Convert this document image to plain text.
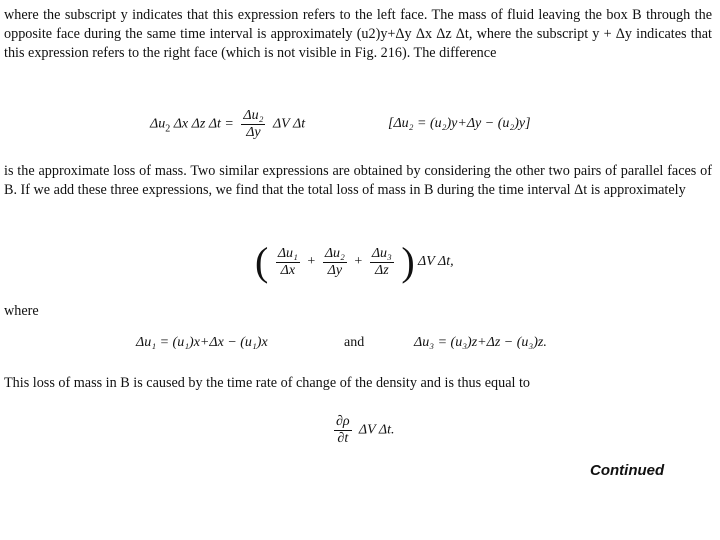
where the subscript y indicates that this expression refers to the left face. The mass of fluid leaving the box B through the opposite face during the same time interval is approximately (u2)y+Δy Δx Δz Δt, where the subscript y + Δy indicates that this expression refers to the right face (which is not visible in Fig. 216). The difference
$\Delta u_2$ Δx Δz $\Delta t = \frac{\text{Δu₂}}{\Delta y}$ ΔV Δt	[Δu₂ = (u₂)y+Δy − (u₂)y]
is the approximate loss of mass. Two similar expressions are obtained by considering the other two pairs of parallel faces of B. If we add these three expressions, we find that the total loss of mass in B during the time interval Δt is approximately
( $\frac{\text{Δu₁}}{\Delta x} + \frac{\text{Δu₂}}{\Delta y} + \frac{\text{Δu₃}}{\Delta z}$ ) ΔV Δt,
where
Δu₁ = (u₁)x+Δx − (u₁)x	and	Δu₃ = (u₃)z+Δz − (u₃)z.
This loss of mass in B is caused by the time rate of change of the density and is thus equal to
$\frac{\partial\rho}{\partial t}$ ΔV Δt.
Continued
